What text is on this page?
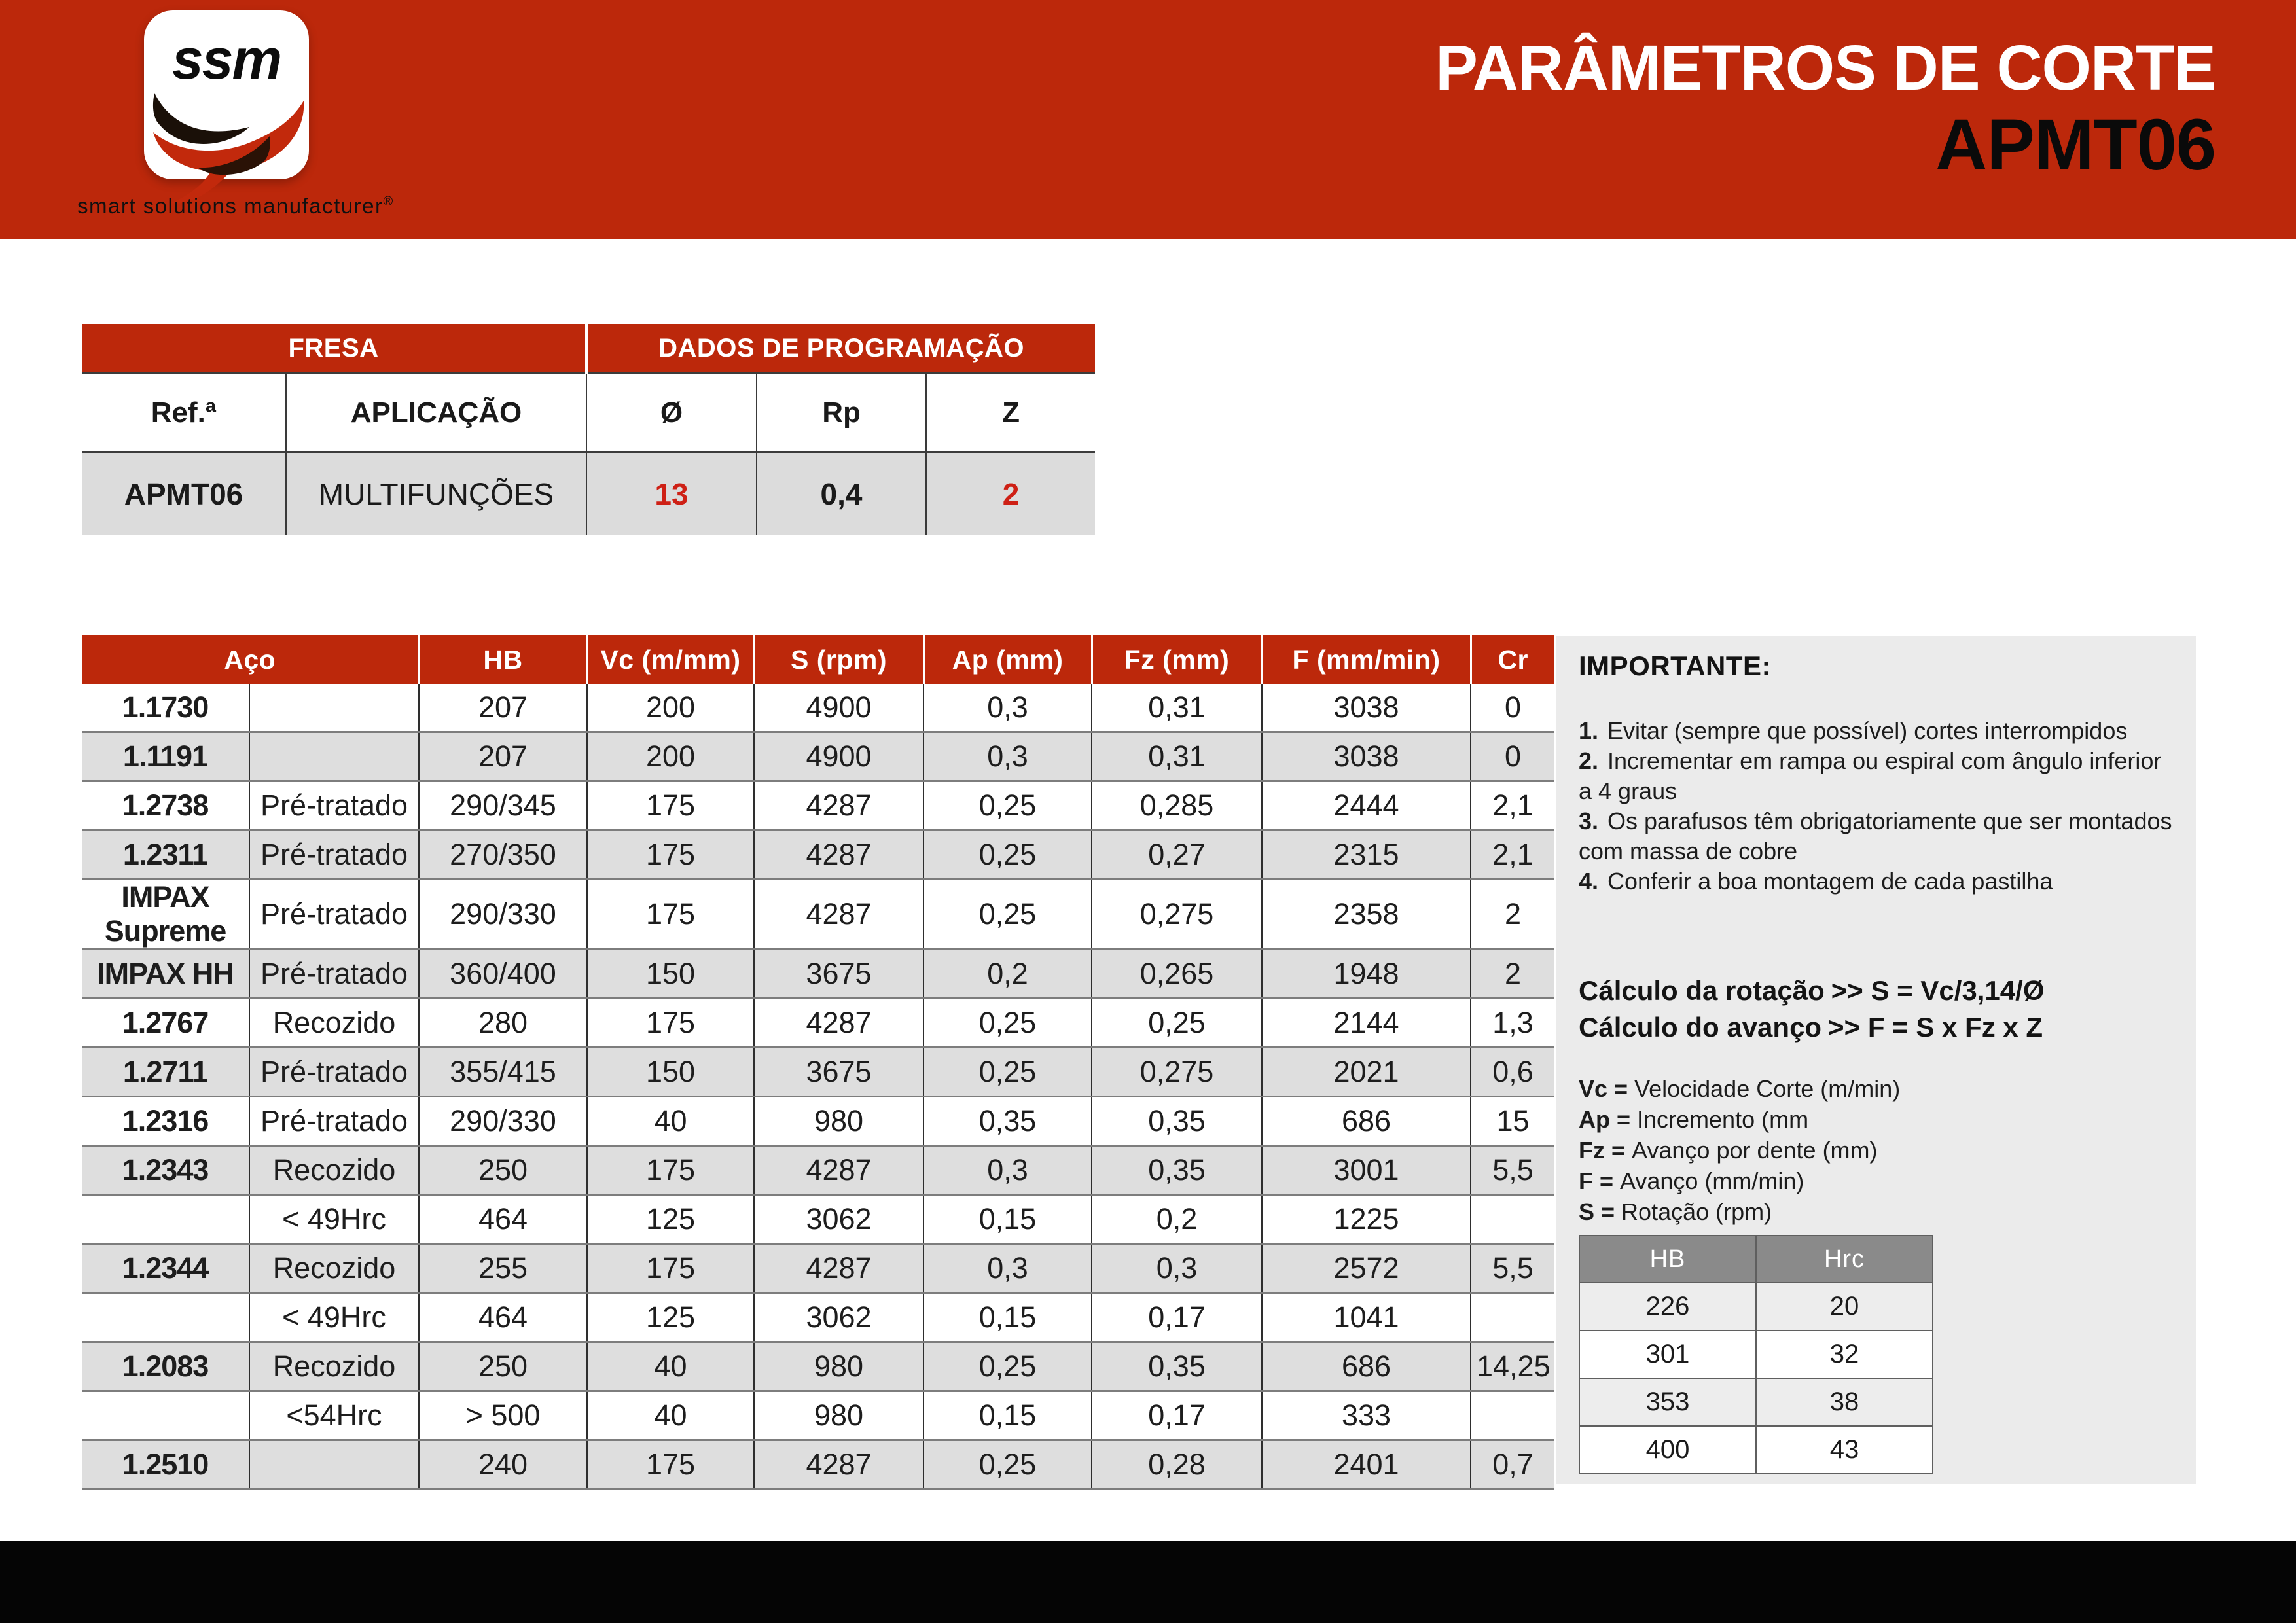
ssm
smart solutions manufacturer®
PARÂMETROS DE CORTE
APMT06
FRESA		DADOS DE PROGRAMAÇÃO		
Ref.ª	APLICAÇÃO	Ø	Rp	Z
APMT06	MULTIFUNÇÕES	13	0,4	2
Aço		HB	Vc (m/mm)	S (rpm)	Ap (mm)	Fz (mm)	F (mm/min)	Cr
1.1730		207	200	4900	0,3	0,31	3038	0
1.1191		207	200	4900	0,3	0,31	3038	0
1.2738	Pré-tratado	290/345	175	4287	0,25	0,285	2444	2,1
1.2311	Pré-tratado	270/350	175	4287	0,25	0,27	2315	2,1
IMPAX Supreme	Pré-tratado	290/330	175	4287	0,25	0,275	2358	2
IMPAX HH	Pré-tratado	360/400	150	3675	0,2	0,265	1948	2
1.2767	Recozido	280	175	4287	0,25	0,25	2144	1,3
1.2711	Pré-tratado	355/415	150	3675	0,25	0,275	2021	0,6
1.2316	Pré-tratado	290/330	40	980	0,35	0,35	686	15
1.2343	Recozido	250	175	4287	0,3	0,35	3001	5,5
	< 49Hrc	464	125	3062	0,15	0,2	1225	
1.2344	Recozido	255	175	4287	0,3	0,3	2572	5,5
	< 49Hrc	464	125	3062	0,15	0,17	1041	
1.2083	Recozido	250	40	980	0,25	0,35	686	14,25
	<54Hrc	> 500	40	980	0,15	0,17	333	
1.2510		240	175	4287	0,25	0,28	2401	0,7
IMPORTANTE:

1. Evitar (sempre que possível) cortes interrompidos

2. Incrementar em rampa ou espiral com ângulo inferior a 4 graus

3. Os parafusos têm obrigatoriamente que ser montados com massa de cobre

4. Conferir a boa montagem de cada pastilha

Cálculo da rotação >> S = Vc/3,14/Ø
Cálculo do avanço >> F = S x Fz x Z
Vc = Velocidade Corte (m/min)
Ap = Incremento (mm
Fz = Avanço por dente (mm)
F = Avanço (mm/min)
S = Rotação (rpm)
HB	Hrc
226	20
301	32
353	38
400	43
